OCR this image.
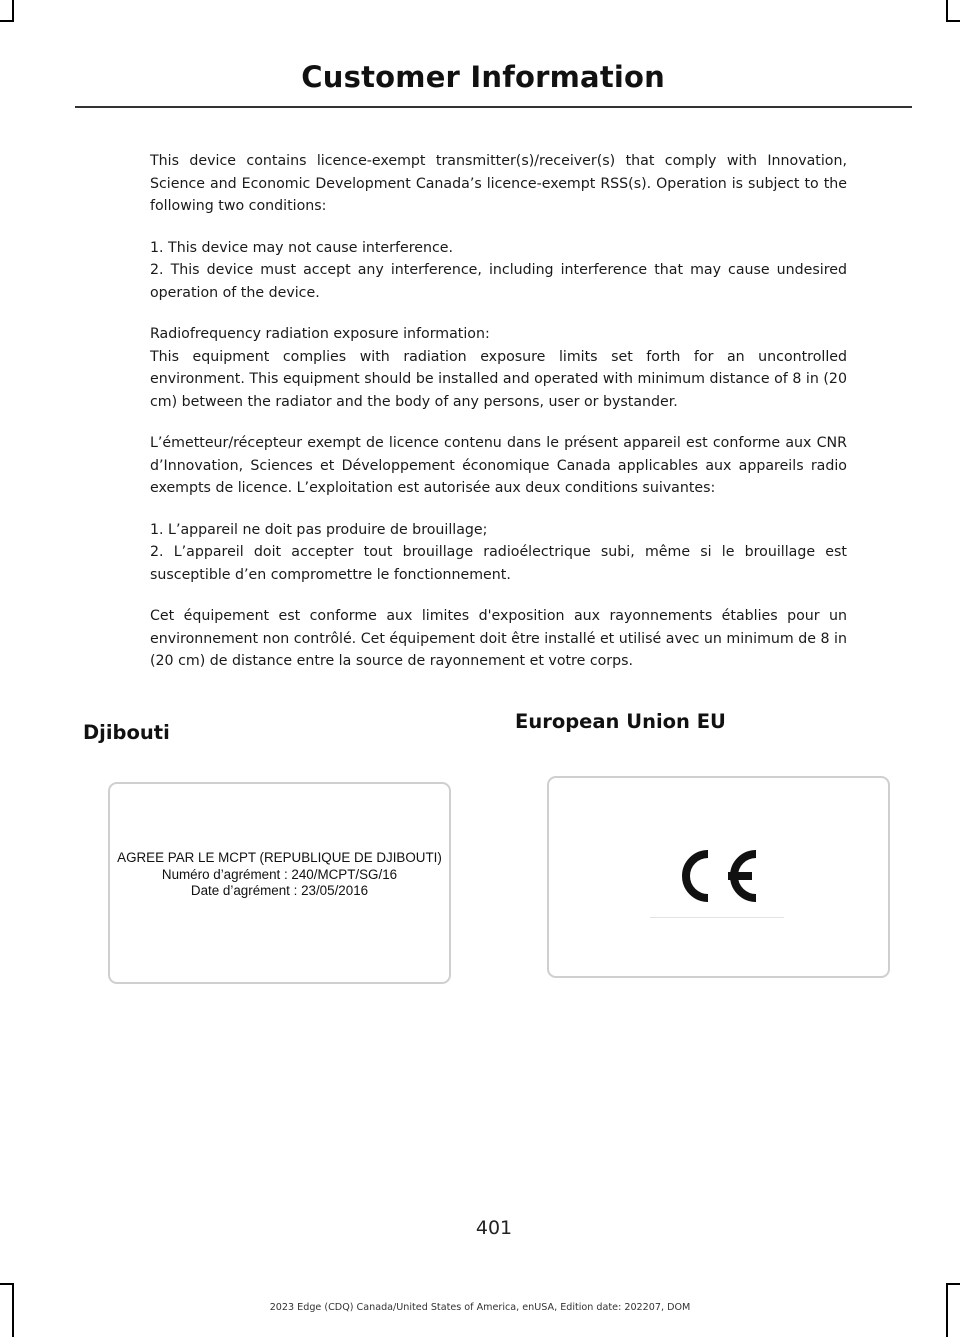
Customer Information

This device contains licence-exempt transmitter(s)/receiver(s) that comply with Innovation, Science and Economic Development Canada’s licence-exempt RSS(s). Operation is subject to the following two conditions:

1. This device may not cause interference.

2. This device must accept any interference, including interference that may cause undesired operation of the device.

Radiofrequency radiation exposure information:

This equipment complies with radiation exposure limits set forth for an uncontrolled environment. This equipment should be installed and operated with minimum distance of 8 in (20 cm) between the radiator and the body of any persons, user or bystander.

L’émetteur/récepteur exempt de licence contenu dans le présent appareil est conforme aux CNR d’Innovation, Sciences et Développement économique Canada applicables aux appareils radio exempts de licence. L’exploitation est autorisée aux deux conditions suivantes:

1. L’appareil ne doit pas produire de brouillage;

2. L’appareil doit accepter tout brouillage radioélectrique subi, même si le brouillage est susceptible d’en compromettre le fonctionnement.

Cet équipement est conforme aux limites d'exposition aux rayonnements établies pour un environnement non contrôlé. Cet équipement doit être installé et utilisé avec un minimum de 8 in (20 cm) de distance entre la source de rayonnement et votre corps.

Djibouti
AGREE PAR LE MCPT (REPUBLIQUE DE DJIBOUTI)
Numéro d’agrément : 240/MCPT/SG/16
Date d’agrément : 23/05/2016
European Union EU
401
2023 Edge (CDQ) Canada/United States of America, enUSA, Edition date: 202207, DOM
